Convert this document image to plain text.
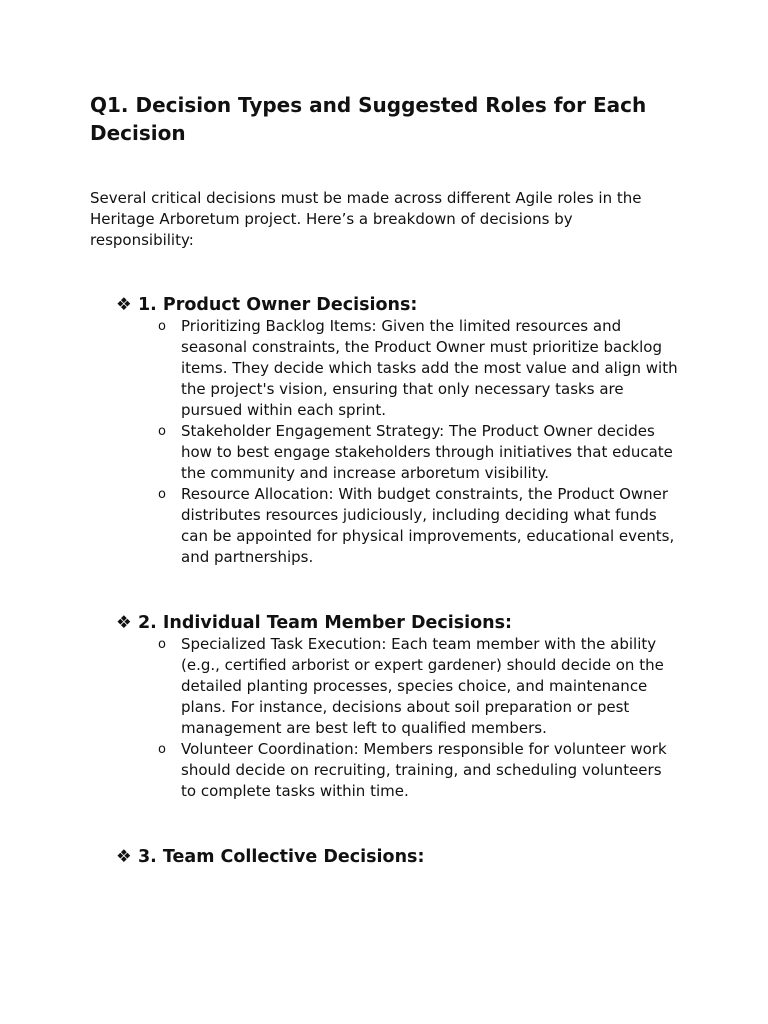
Q1. Decision Types and Suggested Roles for Each Decision

Several critical decisions must be made across different Agile roles in the Heritage Arboretum project. Here’s a breakdown of decisions by responsibility:

❖ 1. Product Owner Decisions:
o Prioritizing Backlog Items: Given the limited resources and seasonal constraints, the Product Owner must prioritize backlog items. They decide which tasks add the most value and align with the project's vision, ensuring that only necessary tasks are pursued within each sprint.
o Stakeholder Engagement Strategy: The Product Owner decides how to best engage stakeholders through initiatives that educate the community and increase arboretum visibility.
o Resource Allocation: With budget constraints, the Product Owner distributes resources judiciously, including deciding what funds can be appointed for physical improvements, educational events, and partnerships.
❖ 2. Individual Team Member Decisions:
o Specialized Task Execution: Each team member with the ability (e.g., certified arborist or expert gardener) should decide on the detailed planting processes, species choice, and maintenance plans. For instance, decisions about soil preparation or pest management are best left to qualified members.
o Volunteer Coordination: Members responsible for volunteer work should decide on recruiting, training, and scheduling volunteers to complete tasks within time.
❖ 3. Team Collective Decisions:
